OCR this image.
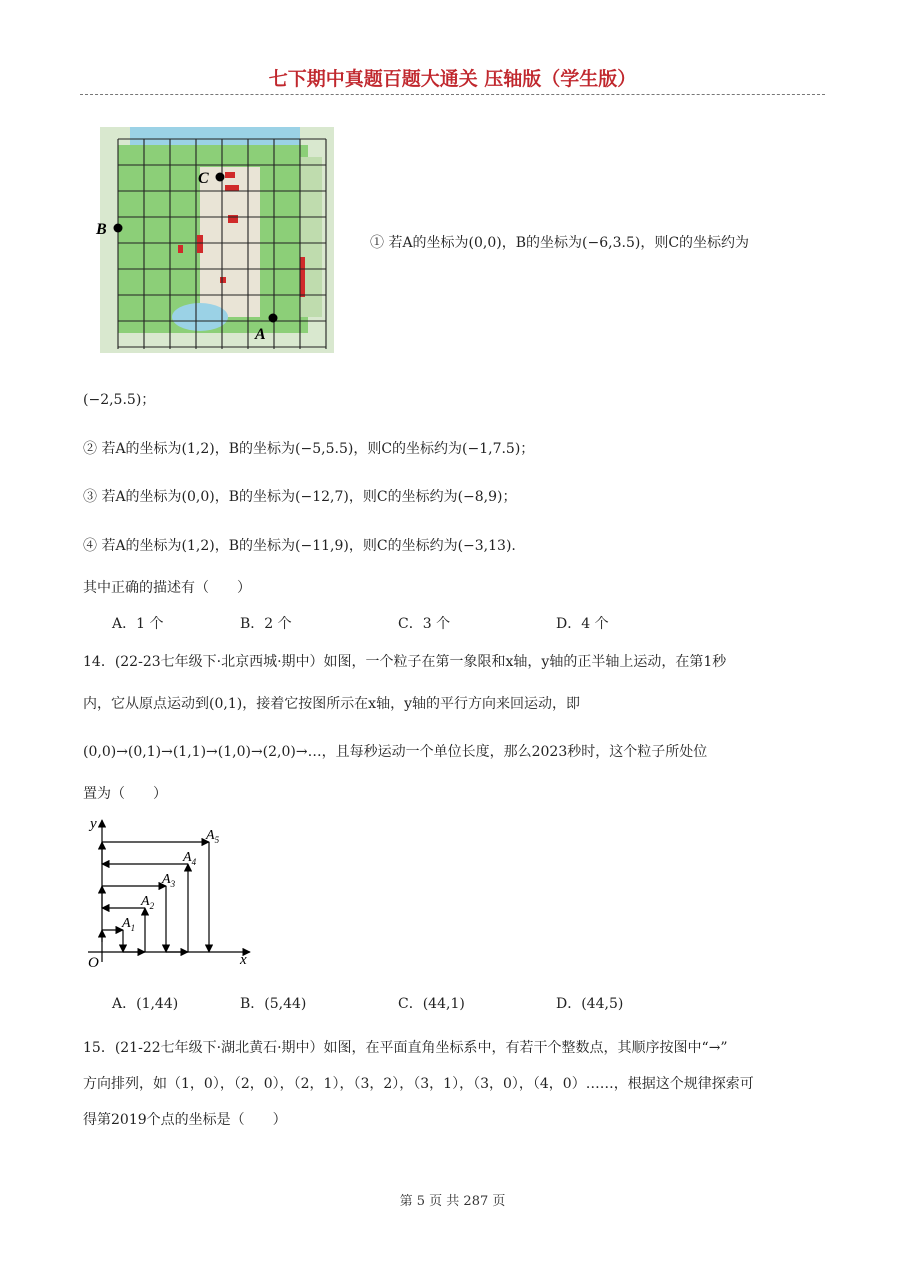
七下期中真题百题大通关 压轴版（学生版）
C
B
A
① 若A的坐标为(0,0)，B的坐标为(−6,3.5)，则C的坐标约为
(−2,5.5)；
② 若A的坐标为(1,2)，B的坐标为(−5,5.5)，则C的坐标约为(−1,7.5)；
③ 若A的坐标为(0,0)，B的坐标为(−12,7)，则C的坐标约为(−8,9)；
④ 若A的坐标为(1,2)，B的坐标为(−11,9)，则C的坐标约为(−3,13).
其中正确的描述有（　　）
A．1 个	B．2 个	C．3 个	D．4 个
14．(22-23七年级下·北京西城·期中）如图，一个粒子在第一象限和x轴，y轴的正半轴上运动，在第1秒
内，它从原点运动到(0,1)，接着它按图所示在x轴，y轴的平行方向来回运动，即
(0,0)→(0,1)→(1,1)→(1,0)→(2,0)→…，且每秒运动一个单位长度，那么2023秒时，这个粒子所处位
置为（　　）
y
x
O
$A_1$
$A_2$
$A_3$
$A_4$
$A_5$
A．(1,44)	B．(5,44)	C．(44,1)	D．(44,5)
15．(21-22七年级下·湖北黄石·期中）如图，在平面直角坐标系中，有若干个整数点，其顺序按图中“→”
方向排列，如（1，0），（2，0），（2，1），（3，2），（3，1），（3，0），（4，0）……，根据这个规律探索可
得第2019个点的坐标是（　　）
第 5 页 共 287 页
